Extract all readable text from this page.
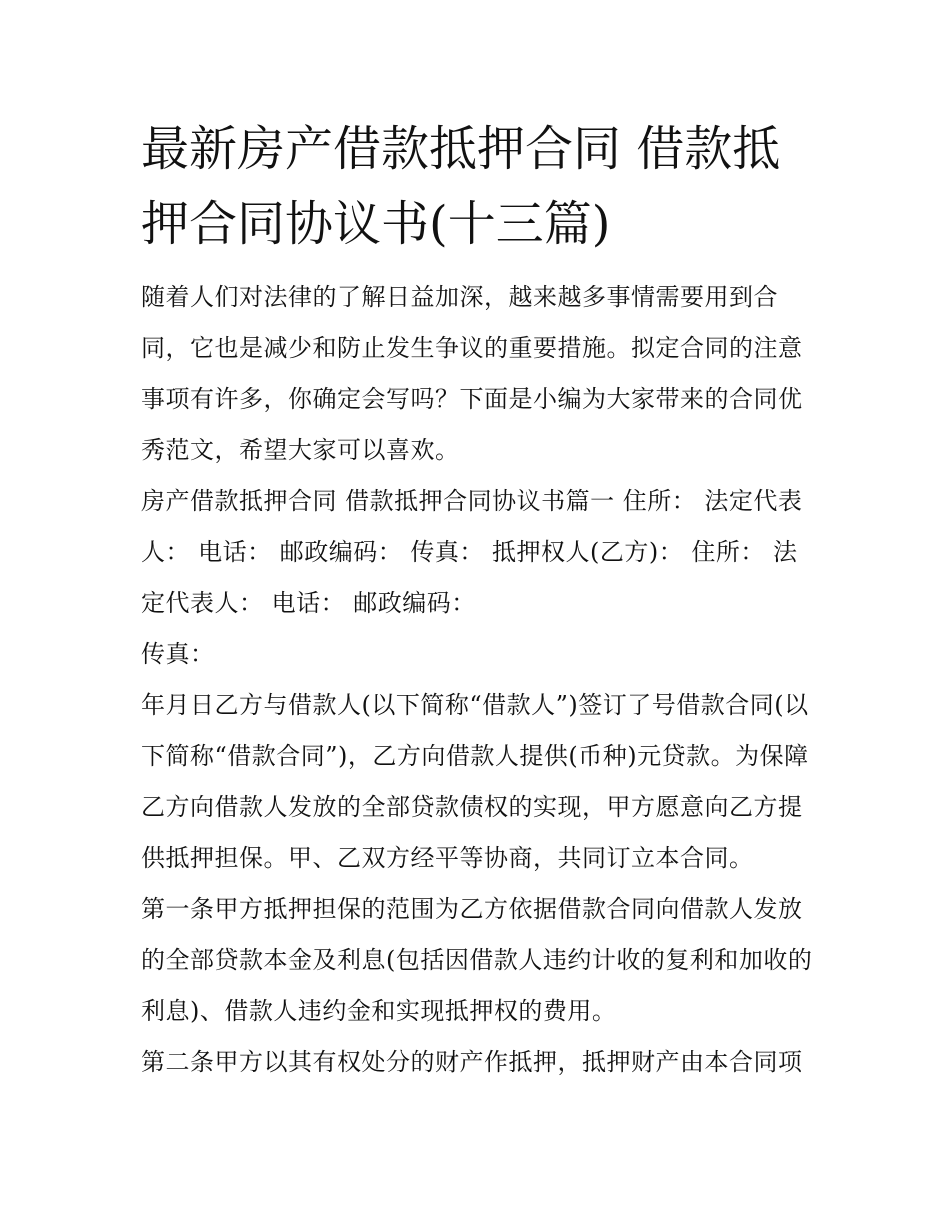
最新房产借款抵押合同 借款抵押合同协议书(十三篇)

随着人们对法律的了解日益加深，越来越多事情需要用到合同，它也是减少和防止发生争议的重要措施。拟定合同的注意事项有许多，你确定会写吗？下面是小编为大家带来的合同优秀范文，希望大家可以喜欢。

房产借款抵押合同 借款抵押合同协议书篇一 住所： 法定代表人： 电话： 邮政编码： 传真： 抵押权人(乙方)： 住所： 法定代表人： 电话： 邮政编码：

传真：

年月日乙方与借款人(以下简称“借款人”)签订了号借款合同(以下简称“借款合同”)，乙方向借款人提供(币种)元贷款。为保障乙方向借款人发放的全部贷款债权的实现，甲方愿意向乙方提供抵押担保。甲、乙双方经平等协商，共同订立本合同。

第一条甲方抵押担保的范围为乙方依据借款合同向借款人发放的全部贷款本金及利息(包括因借款人违约计收的复利和加收的利息)、借款人违约金和实现抵押权的费用。

第二条甲方以其有权处分的财产作抵押，抵押财产由本合同项
